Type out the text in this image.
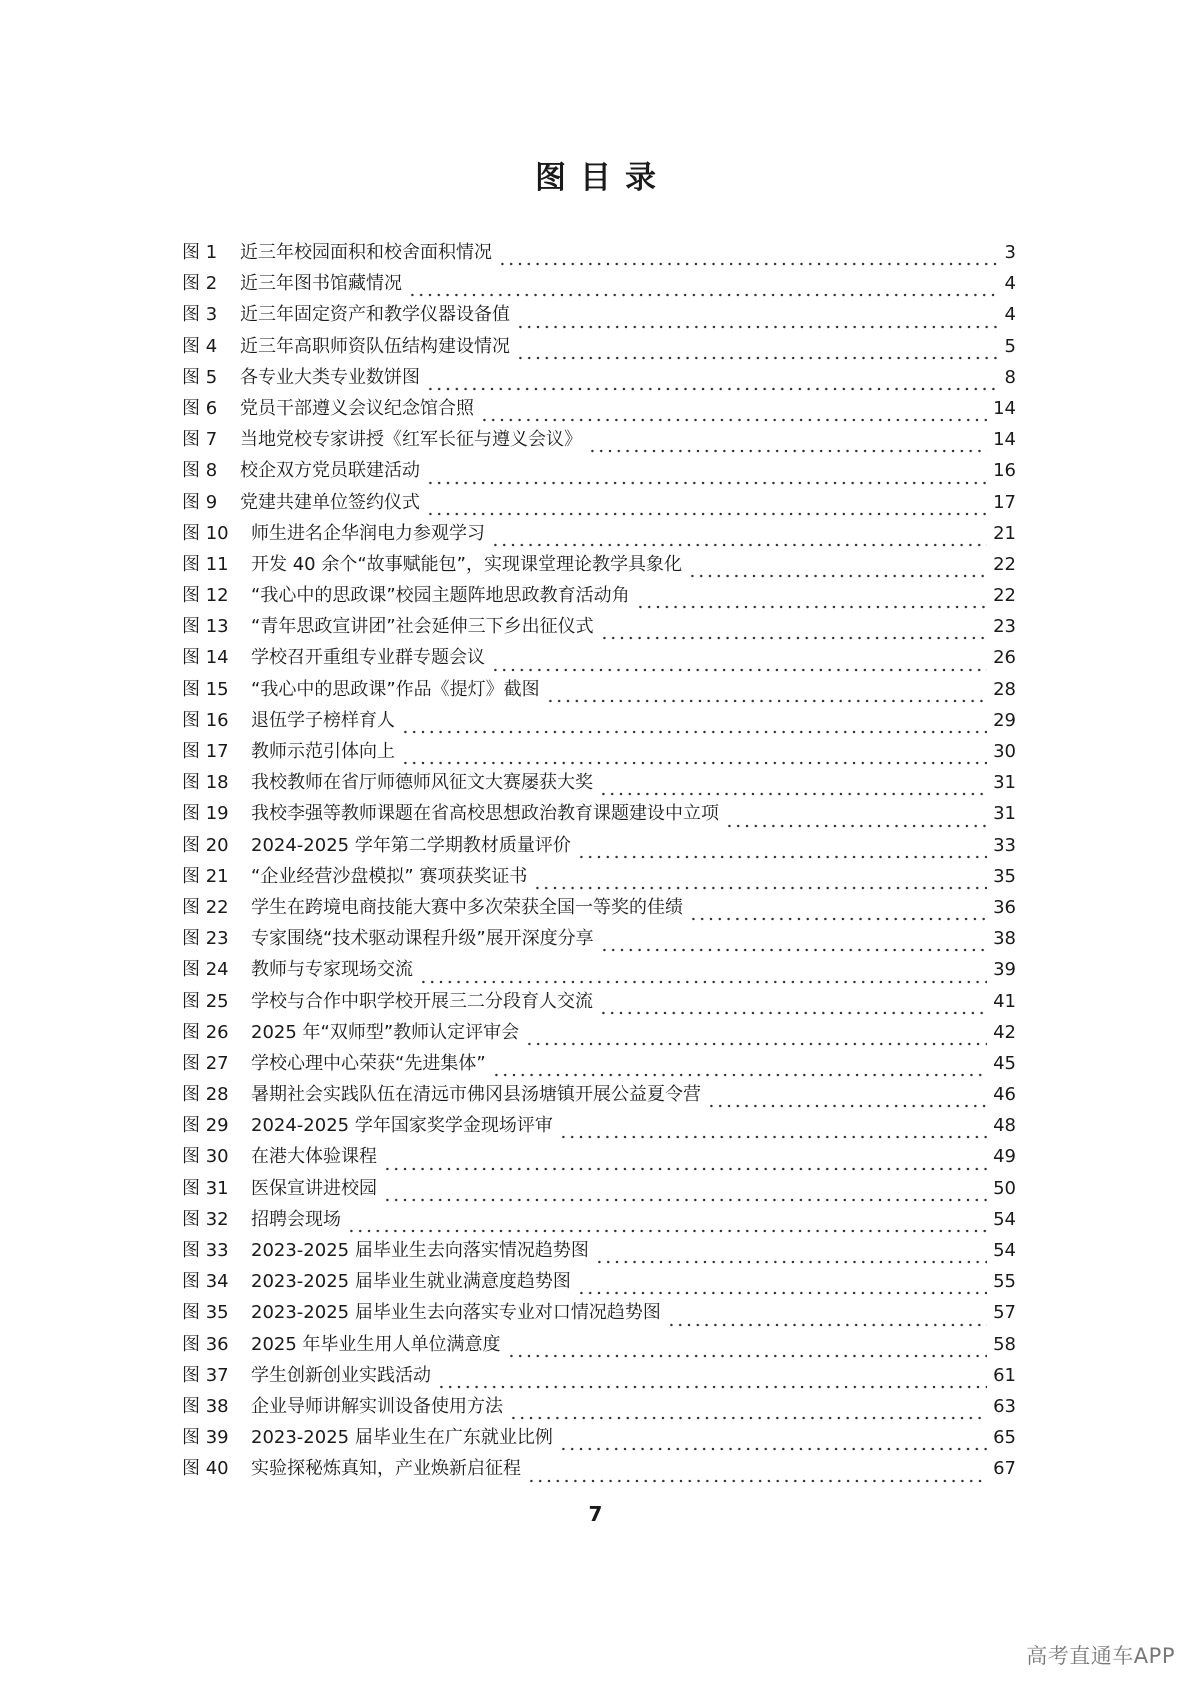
图目录
图 1	近三年校园面积和校舍面积情况	3
图 2	近三年图书馆藏情况	4
图 3	近三年固定资产和教学仪器设备值	4
图 4	近三年高职师资队伍结构建设情况	5
图 5	各专业大类专业数饼图	8
图 6	党员干部遵义会议纪念馆合照	14
图 7	当地党校专家讲授《红军长征与遵义会议》	14
图 8	校企双方党员联建活动	16
图 9	党建共建单位签约仪式	17
图 10	师生进名企华润电力参观学习	21
图 11	开发 40 余个“故事赋能包”，实现课堂理论教学具象化	22
图 12	“我心中的思政课”校园主题阵地思政教育活动角	22
图 13	“青年思政宣讲团”社会延伸三下乡出征仪式	23
图 14	学校召开重组专业群专题会议	26
图 15	“我心中的思政课”作品《提灯》截图	28
图 16	退伍学子榜样育人	29
图 17	教师示范引体向上	30
图 18	我校教师在省厅师德师风征文大赛屡获大奖	31
图 19	我校李强等教师课题在省高校思想政治教育课题建设中立项	31
图 20	2024-2025 学年第二学期教材质量评价	33
图 21	“企业经营沙盘模拟” 赛项获奖证书	35
图 22	学生在跨境电商技能大赛中多次荣获全国一等奖的佳绩	36
图 23	专家围绕“技术驱动课程升级”展开深度分享	38
图 24	教师与专家现场交流	39
图 25	学校与合作中职学校开展三二分段育人交流	41
图 26	2025 年“双师型”教师认定评审会	42
图 27	学校心理中心荣获“先进集体”	45
图 28	暑期社会实践队伍在清远市佛冈县汤塘镇开展公益夏令营	46
图 29	2024-2025 学年国家奖学金现场评审	48
图 30	在港大体验课程	49
图 31	医保宣讲进校园	50
图 32	招聘会现场	54
图 33	2023-2025 届毕业生去向落实情况趋势图	54
图 34	2023-2025 届毕业生就业满意度趋势图	55
图 35	2023-2025 届毕业生去向落实专业对口情况趋势图	57
图 36	2025 年毕业生用人单位满意度	58
图 37	学生创新创业实践活动	61
图 38	企业导师讲解实训设备使用方法	63
图 39	2023-2025 届毕业生在广东就业比例	65
图 40	实验探秘炼真知，产业焕新启征程	67
7
高考直通车APP
